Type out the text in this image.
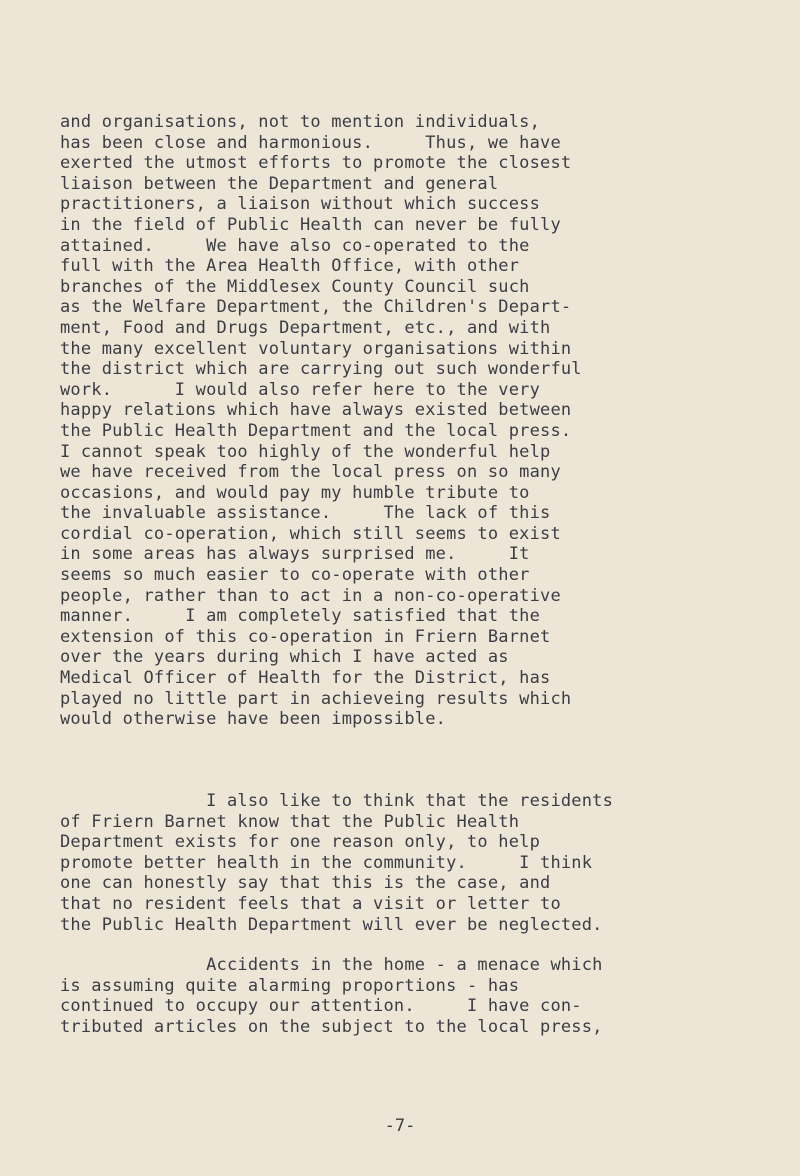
and organisations, not to mention individuals,
has been close and harmonious.     Thus, we have
exerted the utmost efforts to promote the closest
liaison between the Department and general
practitioners, a liaison without which success
in the field of Public Health can never be fully
attained.     We have also co-operated to the
full with the Area Health Office, with other
branches of the Middlesex County Council such
as the Welfare Department, the Children's Depart-
ment, Food and Drugs Department, etc., and with
the many excellent voluntary organisations within
the district which are carrying out such wonderful
work.      I would also refer here to the very
happy relations which have always existed between
the Public Health Department and the local press.
I cannot speak too highly of the wonderful help
we have received from the local press on so many
occasions, and would pay my humble tribute to
the invaluable assistance.     The lack of this
cordial co-operation, which still seems to exist
in some areas has always surprised me.     It
seems so much easier to co-operate with other
people, rather than to act in a non-co-operative
manner.     I am completely satisfied that the
extension of this co-operation in Friern Barnet
over the years during which I have acted as
Medical Officer of Health for the District, has
played no little part in achieveing results which
would otherwise have been impossible.
I also like to think that the residents
of Friern Barnet know that the Public Health
Department exists for one reason only, to help
promote better health in the community.     I think
one can honestly say that this is the case, and
that no resident feels that a visit or letter to
the Public Health Department will ever be neglected.
Accidents in the home - a menace which
is assuming quite alarming proportions - has
continued to occupy our attention.     I have con-
tributed articles on the subject to the local press,
-7-
